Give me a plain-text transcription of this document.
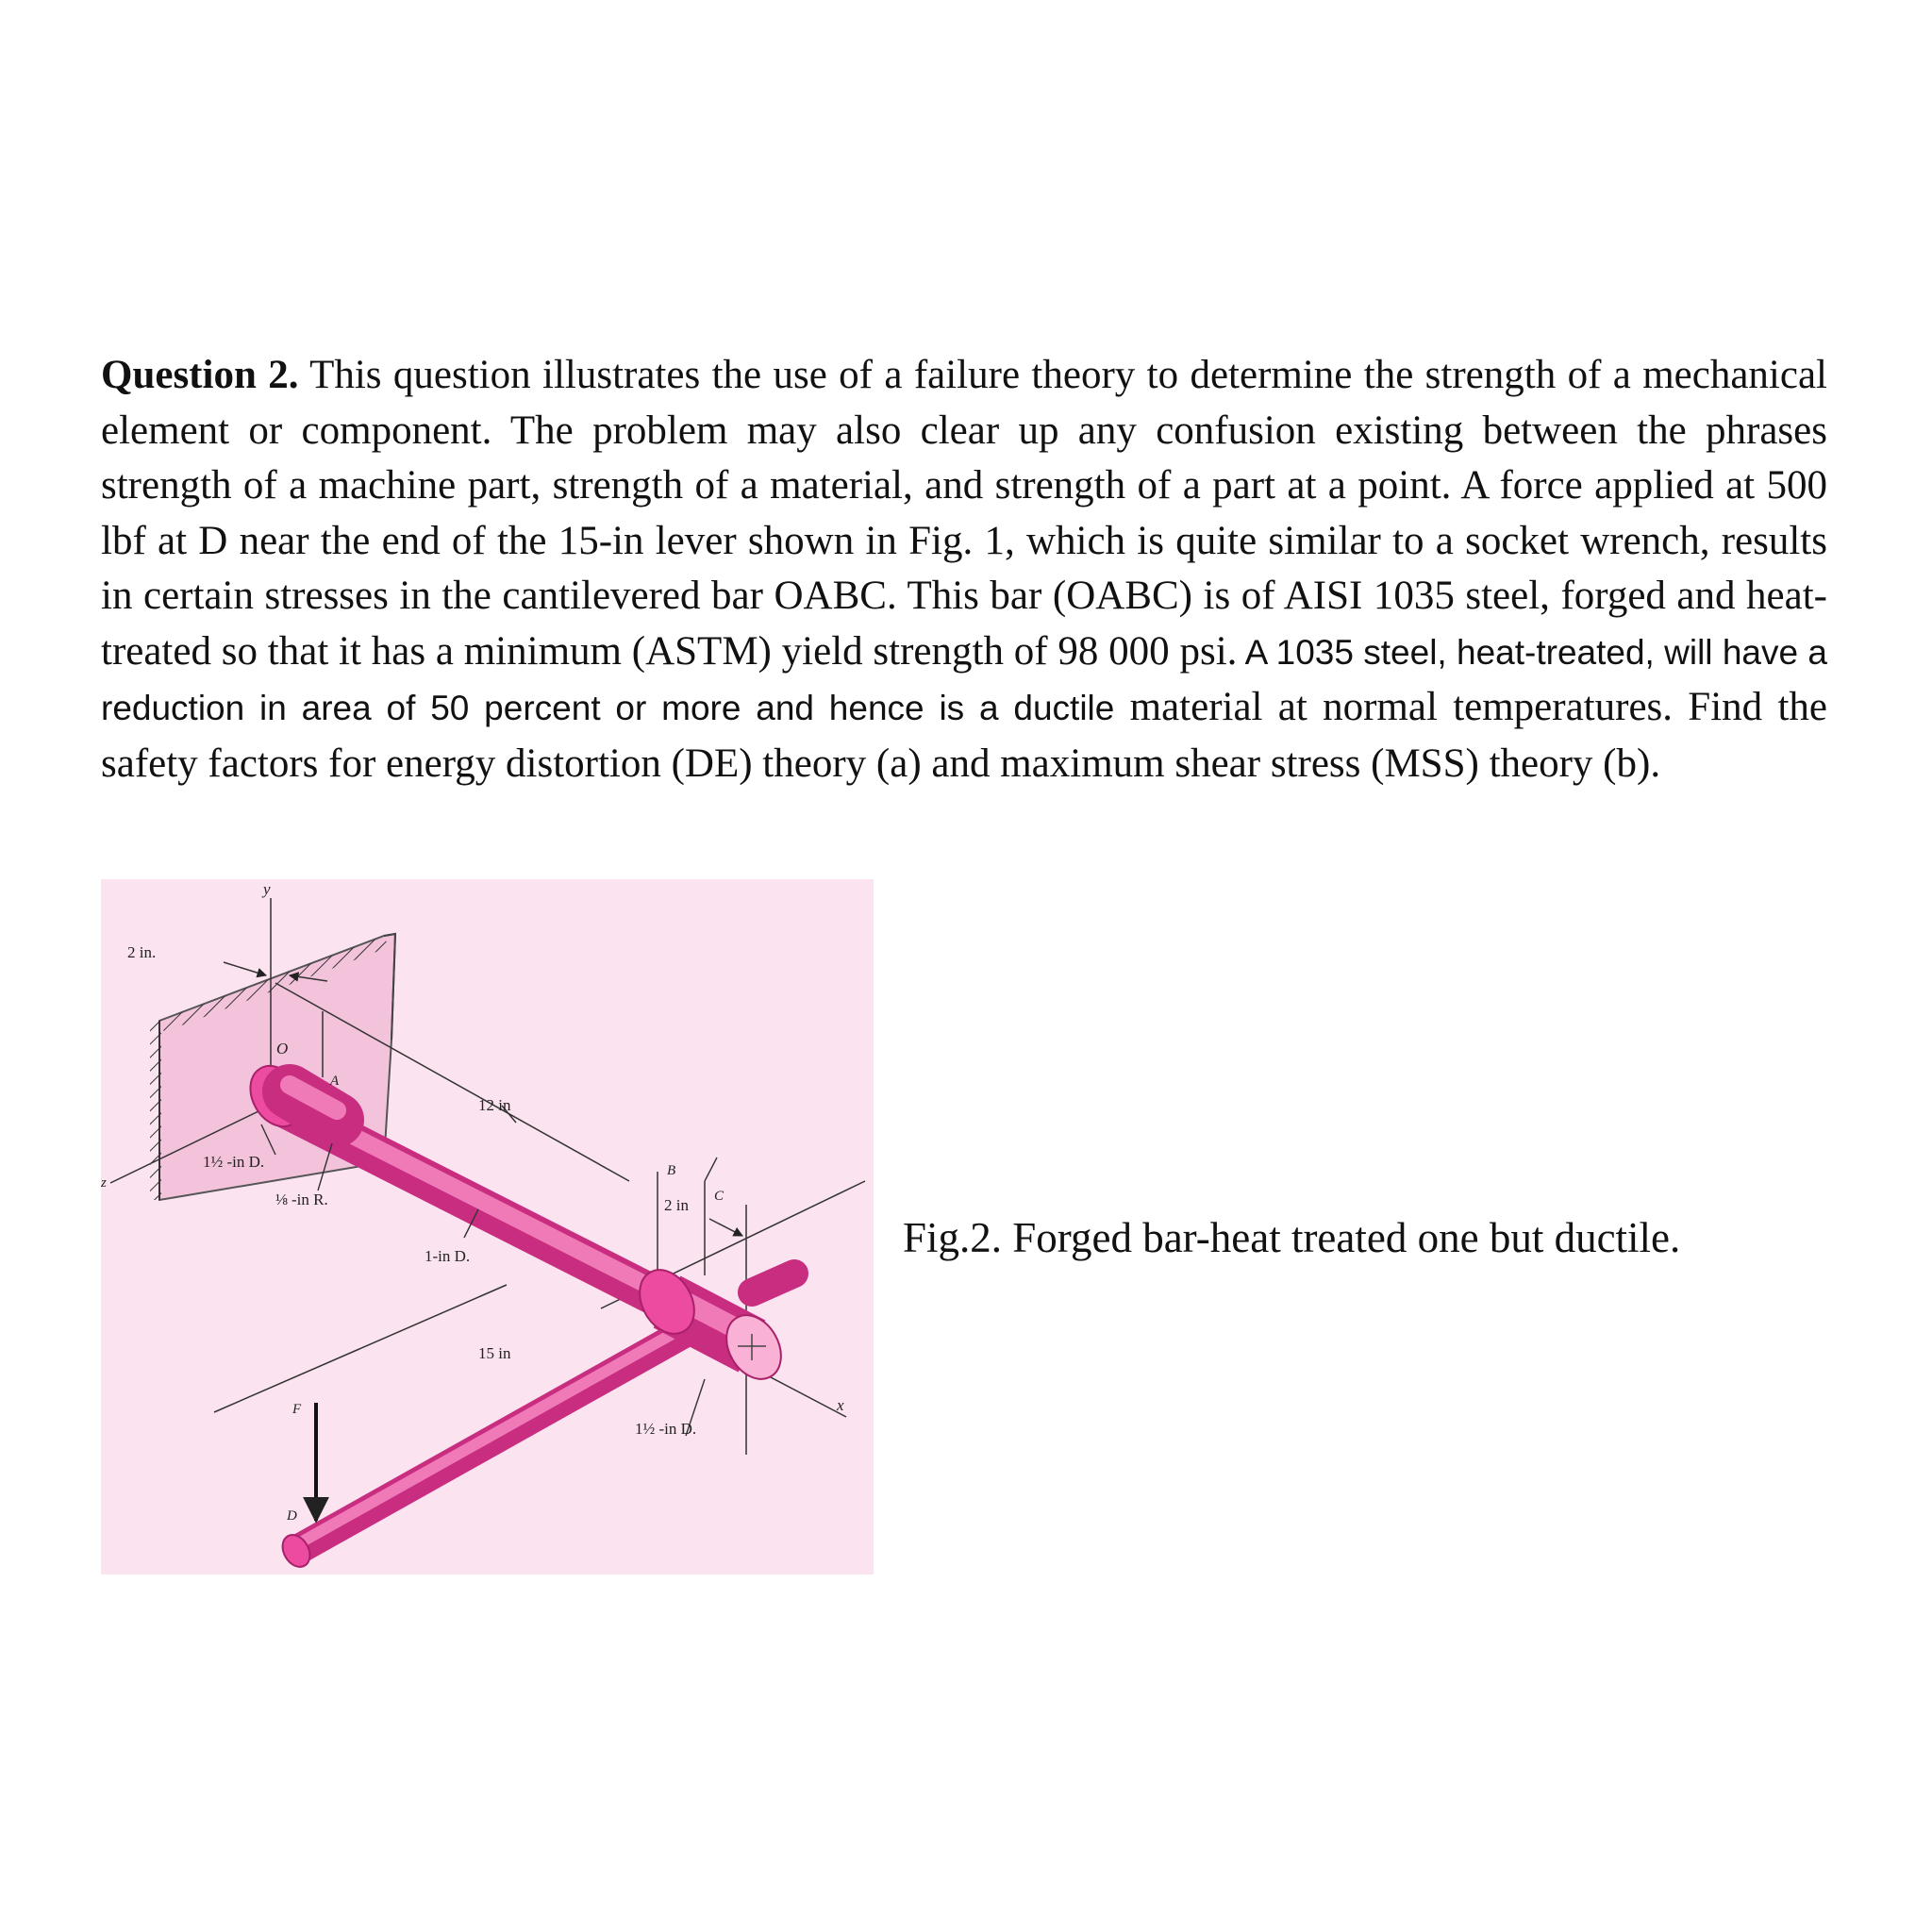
Question 2. This question illustrates the use of a failure theory to determine the strength of a mechanical element or component. The problem may also clear up any confusion existing between the phrases strength of a machine part, strength of a material, and strength of a part at a point. A force applied at 500 lbf at D near the end of the 15-in lever shown in Fig. 1, which is quite similar to a socket wrench, results in certain stresses in the cantilevered bar OABC. This bar (OABC) is of AISI 1035 steel, forged and heat-treated so that it has a minimum (ASTM) yield strength of 98 000 psi. A 1035 steel, heat-treated, will have a reduction in area of 50 percent or more and hence is a ductile material at normal temperatures. Find the safety factors for energy distortion (DE) theory (a) and maximum shear stress (MSS) theory (b).
2 in.
y
z
x
O
A
12 in
1½ -in D.
⅛ -in R.
1-in D.
B
2 in C
15 in
F
D
1½ -in D.
Fig.2. Forged bar-heat treated one but ductile.
